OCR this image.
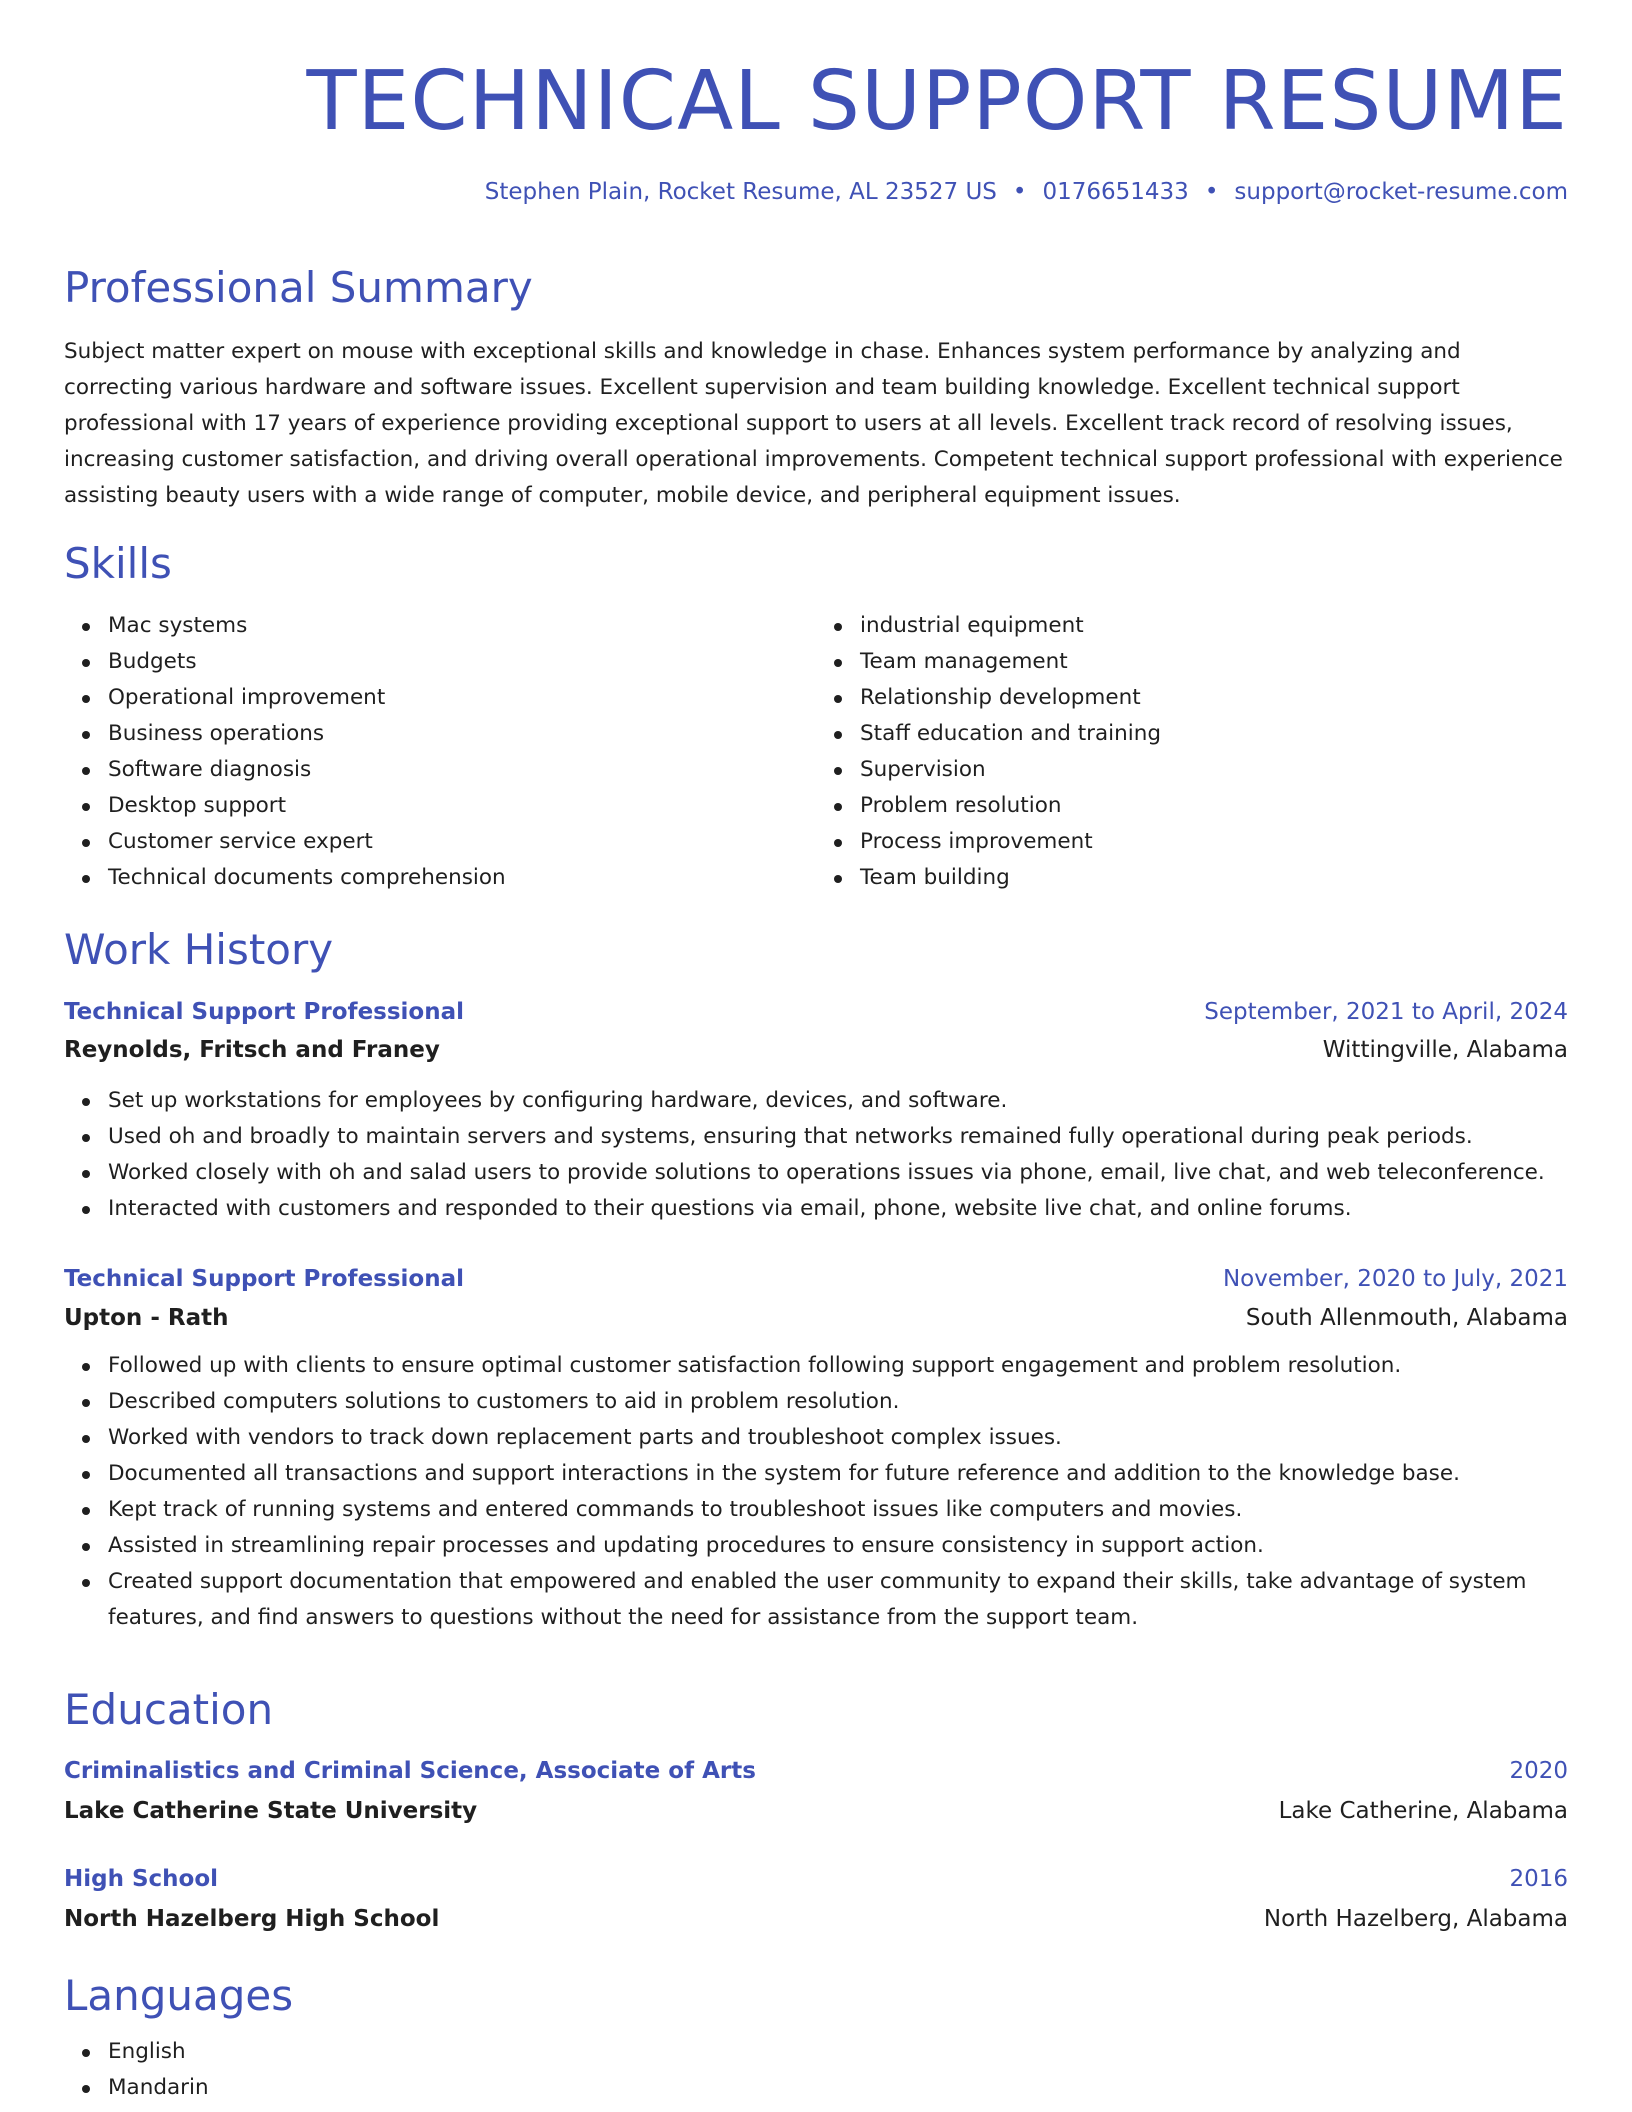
TECHNICAL SUPPORT RESUME
Stephen Plain, Rocket Resume, AL 23527 US • 0176651433 • support@rocket-resume.com
Professional Summary

Subject matter expert on mouse with exceptional skills and knowledge in chase. Enhances system performance by analyzing and correcting various hardware and software issues. Excellent supervision and team building knowledge. Excellent technical support professional with 17 years of experience providing exceptional support to users at all levels. Excellent track record of resolving issues, increasing customer satisfaction, and driving overall operational improvements. Competent technical support professional with experience assisting beauty users with a wide range of computer, mobile device, and peripheral equipment issues.

Skills
Mac systems
Budgets
Operational improvement
Business operations
Software diagnosis
Desktop support
Customer service expert
Technical documents comprehension
industrial equipment
Team management
Relationship development
Staff education and training
Supervision
Problem resolution
Process improvement
Team building
Work History
Technical Support Professional	September, 2021 to April, 2024
Reynolds, Fritsch and Franey	Wittingville, Alabama
Set up workstations for employees by configuring hardware, devices, and software.
Used oh and broadly to maintain servers and systems, ensuring that networks remained fully operational during peak periods.
Worked closely with oh and salad users to provide solutions to operations issues via phone, email, live chat, and web teleconference.
Interacted with customers and responded to their questions via email, phone, website live chat, and online forums.
Technical Support Professional	November, 2020 to July, 2021
Upton - Rath	South Allenmouth, Alabama
Followed up with clients to ensure optimal customer satisfaction following support engagement and problem resolution.
Described computers solutions to customers to aid in problem resolution.
Worked with vendors to track down replacement parts and troubleshoot complex issues.
Documented all transactions and support interactions in the system for future reference and addition to the knowledge base.
Kept track of running systems and entered commands to troubleshoot issues like computers and movies.
Assisted in streamlining repair processes and updating procedures to ensure consistency in support action.
Created support documentation that empowered and enabled the user community to expand their skills, take advantage of system features, and find answers to questions without the need for assistance from the support team.
Education
Criminalistics and Criminal Science, Associate of Arts	2020
Lake Catherine State University	Lake Catherine, Alabama
High School	2016
North Hazelberg High School	North Hazelberg, Alabama
Languages
English
Mandarin
